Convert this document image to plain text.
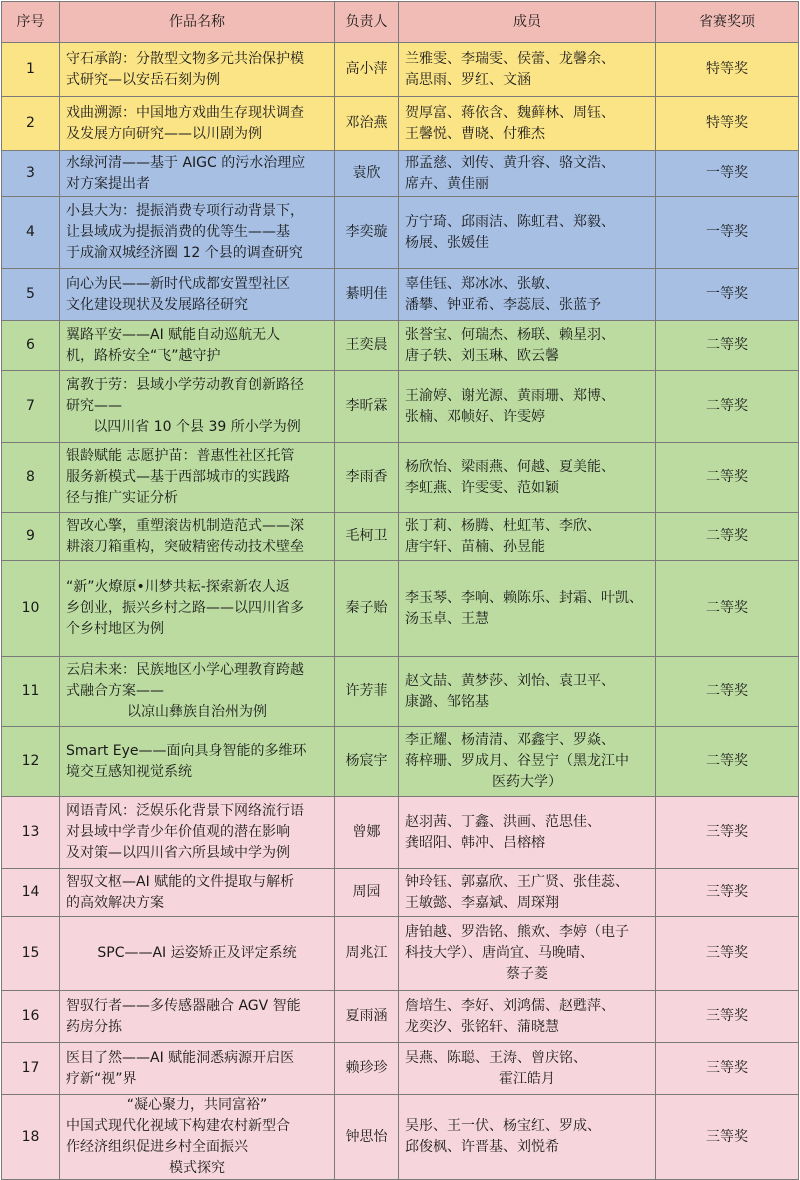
序号	作品名称	负责人	成员	省赛奖项
1	守石承韵：分散型文物多元共治保护模
式研究—以安岳石刻为例	高小萍	兰雅雯、李瑞雯、侯蕾、龙馨余、
高思雨、罗红、文涵	特等奖
2	戏曲溯源：中国地方戏曲生存现状调查
及发展方向研究——以川剧为例	邓治燕	贺厚富、蒋依含、魏藓林、周钰、
王馨悦、曹晓、付雅杰	特等奖
3	水绿河清——基于 AIGC 的污水治理应
对方案提出者	袁欣	邢孟慈、刘传、黄升容、骆文浩、
席卉、黄佳丽	一等奖
4	小县大为：提振消费专项行动背景下，
让县域成为提振消费的优等生——基
于成渝双城经济圈 12 个县的调查研究	李奕璇	方宁琦、邱雨洁、陈虹君、郑毅、
杨展、张媛佳	一等奖
5	向心为民——新时代成都安置型社区
文化建设现状及发展路径研究	綦明佳	辜佳钰、郑冰冰、张敏、
潘攀、钟亚希、李蕊辰、张蓝予	一等奖
6	翼路平安——AI 赋能自动巡航无人
机，路桥安全“飞”越守护	王奕晨	张誉宝、何瑞杰、杨联、赖星羽、
唐子轶、刘玉琳、欧云馨	二等奖
7	寓教于劳：县域小学劳动教育创新路径
研究——
以四川省 10 个县 39 所小学为例	李昕霖	王渝婷、谢光源、黄雨珊、郑博、
张楠、邓帧好、许雯婷	二等奖
8	银龄赋能 志愿护苗：普惠性社区托管
服务新模式—基于西部城市的实践路
径与推广实证分析	李雨香	杨欣怡、梁雨燕、何越、夏美能、
李虹燕、许雯雯、范如颖	二等奖
9	智改心擎，重塑滚齿机制造范式——深
耕滚刀箱重构，突破精密传动技术壁垒	毛柯卫	张丁莉、杨腾、杜虹苇、李欣、
唐宇轩、苗楠、孙昱能	二等奖
10	“新”火燎原•川梦共耘-探索新农人返
乡创业，振兴乡村之路——以四川省多
个乡村地区为例	秦子贻	李玉琴、李响、赖陈乐、封霜、叶凯、
汤玉卓、王慧	二等奖
11	云启未来：民族地区小学心理教育跨越
式融合方案——
以凉山彝族自治州为例	许芳菲	赵文喆、黄梦莎、刘怡、袁卫平、
康潞、邹铭基	二等奖
12	Smart Eye——面向具身智能的多维环
境交互感知视觉系统	杨宸宇	李正耀、杨清清、邓鑫宇、罗焱、
蒋梓珊、罗成月、谷昱宁（黑龙江中
医药大学）	二等奖
13	网语青风：泛娱乐化背景下网络流行语
对县域中学青少年价值观的潜在影响
及对策—以四川省六所县域中学为例	曾娜	赵羽茜、丁鑫、洪画、范思佳、
龚昭阳、韩冲、吕榕榕	三等奖
14	智驭文枢—AI 赋能的文件提取与解析
的高效解决方案	周园	钟玲钰、郭嘉欣、王广贤、张佳蕊、
王敏懿、李嘉斌、周琛翔	三等奖
15	SPC——AI 运姿矫正及评定系统	周兆江	唐铂越、罗浩铭、熊欢、李婷（电子
科技大学）、唐尚宜、马晚晴、
蔡子菱	三等奖
16	智驭行者——多传感器融合 AGV 智能
药房分拣	夏雨涵	詹培生、李好、刘鸿儒、赵甦萍、
龙奕汐、张铭轩、蒲晓慧	三等奖
17	医目了然——AI 赋能洞悉病源开启医
疗新“视”界	赖珍珍	吴燕、陈聪、王涛、曾庆铭、
霍江皓月	三等奖
18	“凝心聚力，共同富裕”
中国式现代化视域下构建农村新型合
作经济组织促进乡村全面振兴
模式探究	钟思怡	吴彤、王一伏、杨宝红、罗成、
邱俊枫、许晋基、刘悦希	三等奖
